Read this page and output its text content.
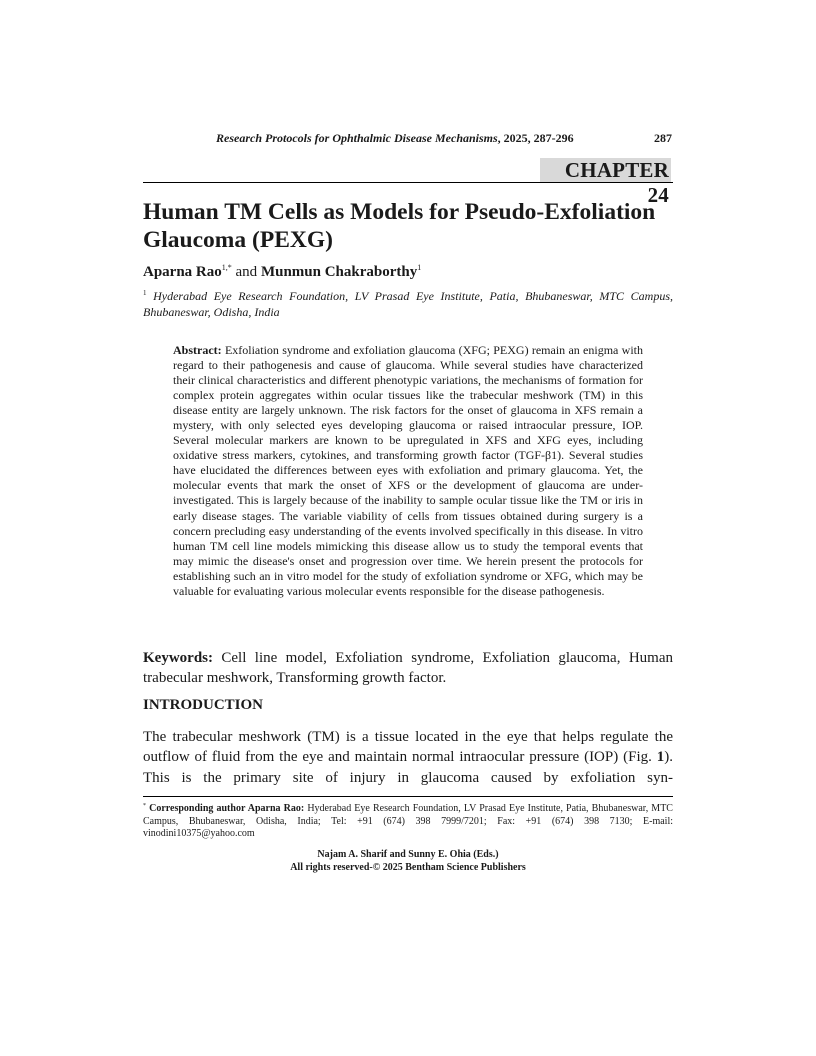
Research Protocols for Ophthalmic Disease Mechanisms, 2025, 287-296	287
CHAPTER 24
Human TM Cells as Models for Pseudo-Exfoliation Glaucoma (PEXG)
Aparna Rao$^{1,*}$ and Munmun Chakraborthy$^1$
$^1$ Hyderabad Eye Research Foundation, LV Prasad Eye Institute, Patia, Bhubaneswar, MTC Campus, Bhubaneswar, Odisha, India
Abstract: Exfoliation syndrome and exfoliation glaucoma (XFG; PEXG) remain an enigma with regard to their pathogenesis and cause of glaucoma. While several studies have characterized their clinical characteristics and different phenotypic variations, the mechanisms of formation for complex protein aggregates within ocular tissues like the trabecular meshwork (TM) in this disease entity are largely unknown. The risk factors for the onset of glaucoma in XFS remain a mystery, with only selected eyes developing glaucoma or raised intraocular pressure, IOP. Several molecular markers are known to be upregulated in XFS and XFG eyes, including oxidative stress markers, cytokines, and transforming growth factor (TGF-β1). Several studies have elucidated the differences between eyes with exfoliation and primary glaucoma. Yet, the molecular events that mark the onset of XFS or the development of glaucoma are under-investigated. This is largely because of the inability to sample ocular tissue like the TM or iris in early disease stages. The variable viability of cells from tissues obtained during surgery is a concern precluding easy understanding of the events involved specifically in this disease. In vitro human TM cell line models mimicking this disease allow us to study the temporal events that may mimic the disease's onset and progression over time. We herein present the protocols for establishing such an in vitro model for the study of exfoliation syndrome or XFG, which may be valuable for evaluating various molecular events responsible for the disease pathogenesis.
Keywords: Cell line model, Exfoliation syndrome, Exfoliation glaucoma, Human trabecular meshwork, Transforming growth factor.
INTRODUCTION
The trabecular meshwork (TM) is a tissue located in the eye that helps regulate the outflow of fluid from the eye and maintain normal intraocular pressure (IOP) (Fig. 1). This is the primary site of injury in glaucoma caused by exfoliation syn-
* Corresponding author Aparna Rao: Hyderabad Eye Research Foundation, LV Prasad Eye Institute, Patia, Bhubaneswar, MTC Campus, Bhubaneswar, Odisha, India; Tel: +91 (674) 398 7999/7201; Fax: +91 (674) 398 7130; E-mail: vinodini10375@yahoo.com
Najam A. Sharif and Sunny E. Ohia (Eds.)
All rights reserved-© 2025 Bentham Science Publishers
